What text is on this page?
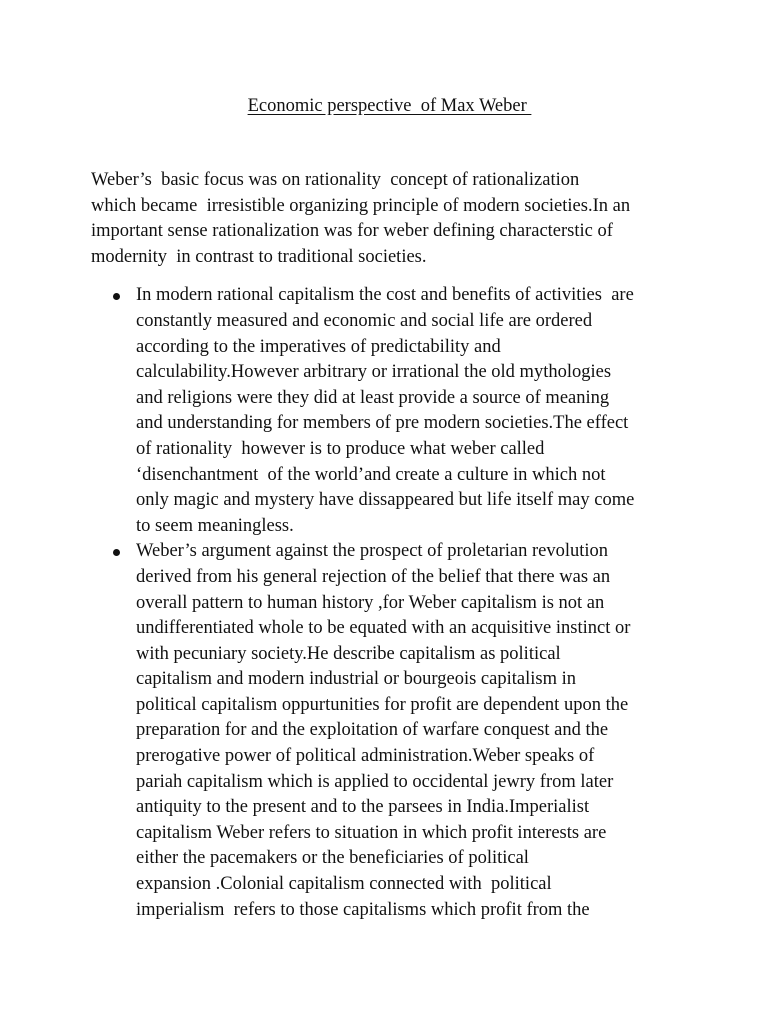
Economic perspective  of Max Weber

Weber’s  basic focus was on rationality  concept of rationalization
which became  irresistible organizing principle of modern societies.In an
important sense rationalization was for weber defining characterstic of
modernity  in contrast to traditional societies.

In modern rational capitalism the cost and benefits of activities  are
constantly measured and economic and social life are ordered
according to the imperatives of predictability and
calculability.However arbitrary or irrational the old mythologies
and religions were they did at least provide a source of meaning
and understanding for members of pre modern societies.The effect
of rationality  however is to produce what weber called
‘disenchantment  of the world’and create a culture in which not
only magic and mystery have dissappeared but life itself may come
to seem meaningless.
Weber’s argument against the prospect of proletarian revolution
derived from his general rejection of the belief that there was an
overall pattern to human history ,for Weber capitalism is not an
undifferentiated whole to be equated with an acquisitive instinct or
with pecuniary society.He describe capitalism as political
capitalism and modern industrial or bourgeois capitalism in
political capitalism oppurtunities for profit are dependent upon the
preparation for and the exploitation of warfare conquest and the
prerogative power of political administration.Weber speaks of
pariah capitalism which is applied to occidental jewry from later
antiquity to the present and to the parsees in India.Imperialist
capitalism Weber refers to situation in which profit interests are
either the pacemakers or the beneficiaries of political
expansion .Colonial capitalism connected with  political
imperialism  refers to those capitalisms which profit from the
